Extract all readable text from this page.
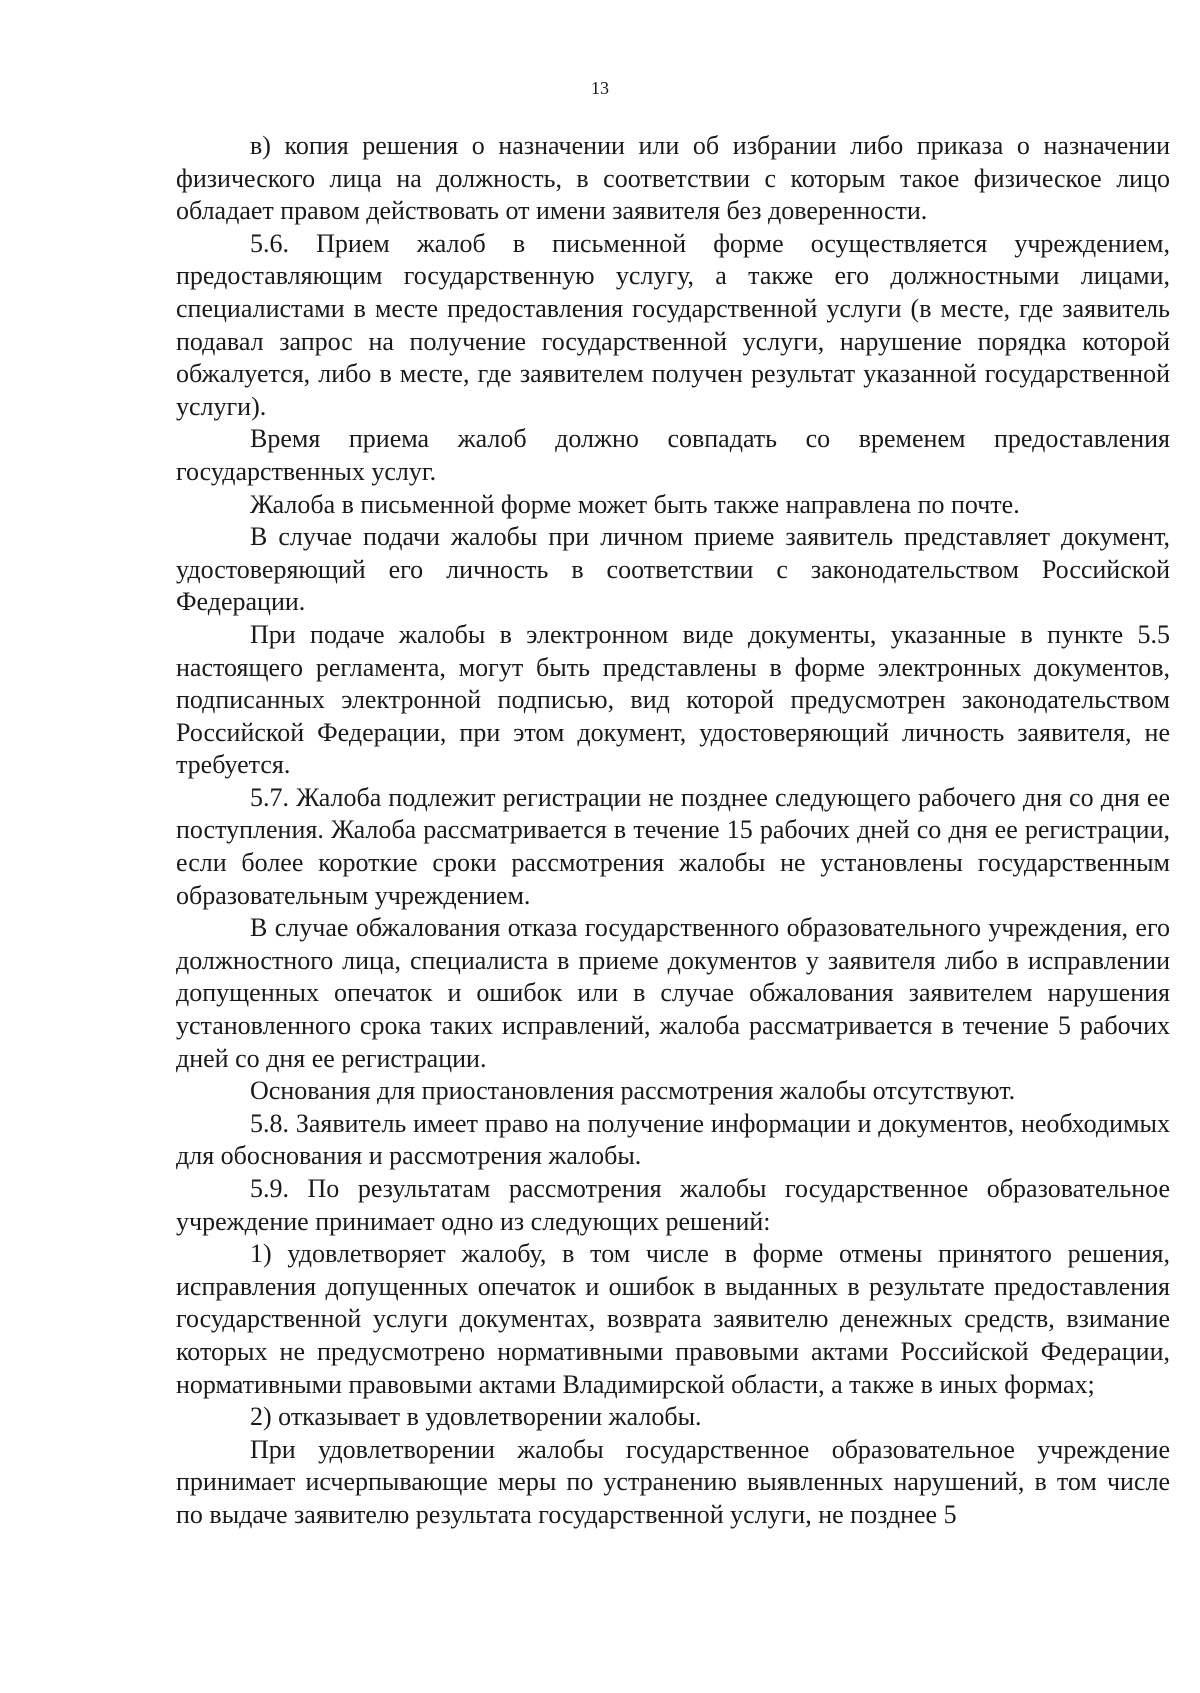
13

в) копия решения о назначении или об избрании либо приказа о назначении физического лица на должность, в соответствии с которым такое физическое лицо обладает правом действовать от имени заявителя без доверенности.

5.6. Прием жалоб в письменной форме осуществляется учреждением, предоставляющим государственную услугу, а также его должностными лицами, специалистами в месте предоставления государственной услуги (в месте, где заявитель подавал запрос на получение государственной услуги, нарушение порядка которой обжалуется, либо в месте, где заявителем получен результат указанной государственной услуги).

Время приема жалоб должно совпадать со временем предоставления государственных услуг.

Жалоба в письменной форме может быть также направлена по почте.

В случае подачи жалобы при личном приеме заявитель представляет документ, удостоверяющий его личность в соответствии с законодательством Российской Федерации.

При подаче жалобы в электронном виде документы, указанные в пункте 5.5 настоящего регламента, могут быть представлены в форме электронных документов, подписанных электронной подписью, вид которой предусмотрен законодательством Российской Федерации, при этом документ, удостоверяющий личность заявителя, не требуется.

5.7. Жалоба подлежит регистрации не позднее следующего рабочего дня со дня ее поступления. Жалоба рассматривается в течение 15 рабочих дней со дня ее регистрации, если более короткие сроки рассмотрения жалобы не установлены государственным образовательным учреждением.

В случае обжалования отказа государственного образовательного учреждения, его должностного лица, специалиста в приеме документов у заявителя либо в исправлении допущенных опечаток и ошибок или в случае обжалования заявителем нарушения установленного срока таких исправлений, жалоба рассматривается в течение 5 рабочих дней со дня ее регистрации.

Основания для приостановления рассмотрения жалобы отсутствуют.

5.8. Заявитель имеет право на получение информации и документов, необходимых для обоснования и рассмотрения жалобы.

5.9. По результатам рассмотрения жалобы государственное образовательное учреждение принимает одно из следующих решений:

1) удовлетворяет жалобу, в том числе в форме отмены принятого решения, исправления допущенных опечаток и ошибок в выданных в результате предоставления государственной услуги документах, возврата заявителю денежных средств, взимание которых не предусмотрено нормативными правовыми актами Российской Федерации, нормативными правовыми актами Владимирской области, а также в иных формах;

2) отказывает в удовлетворении жалобы.

При удовлетворении жалобы государственное образовательное учреждение принимает исчерпывающие меры по устранению выявленных нарушений, в том числе по выдаче заявителю результата государственной услуги, не позднее 5
